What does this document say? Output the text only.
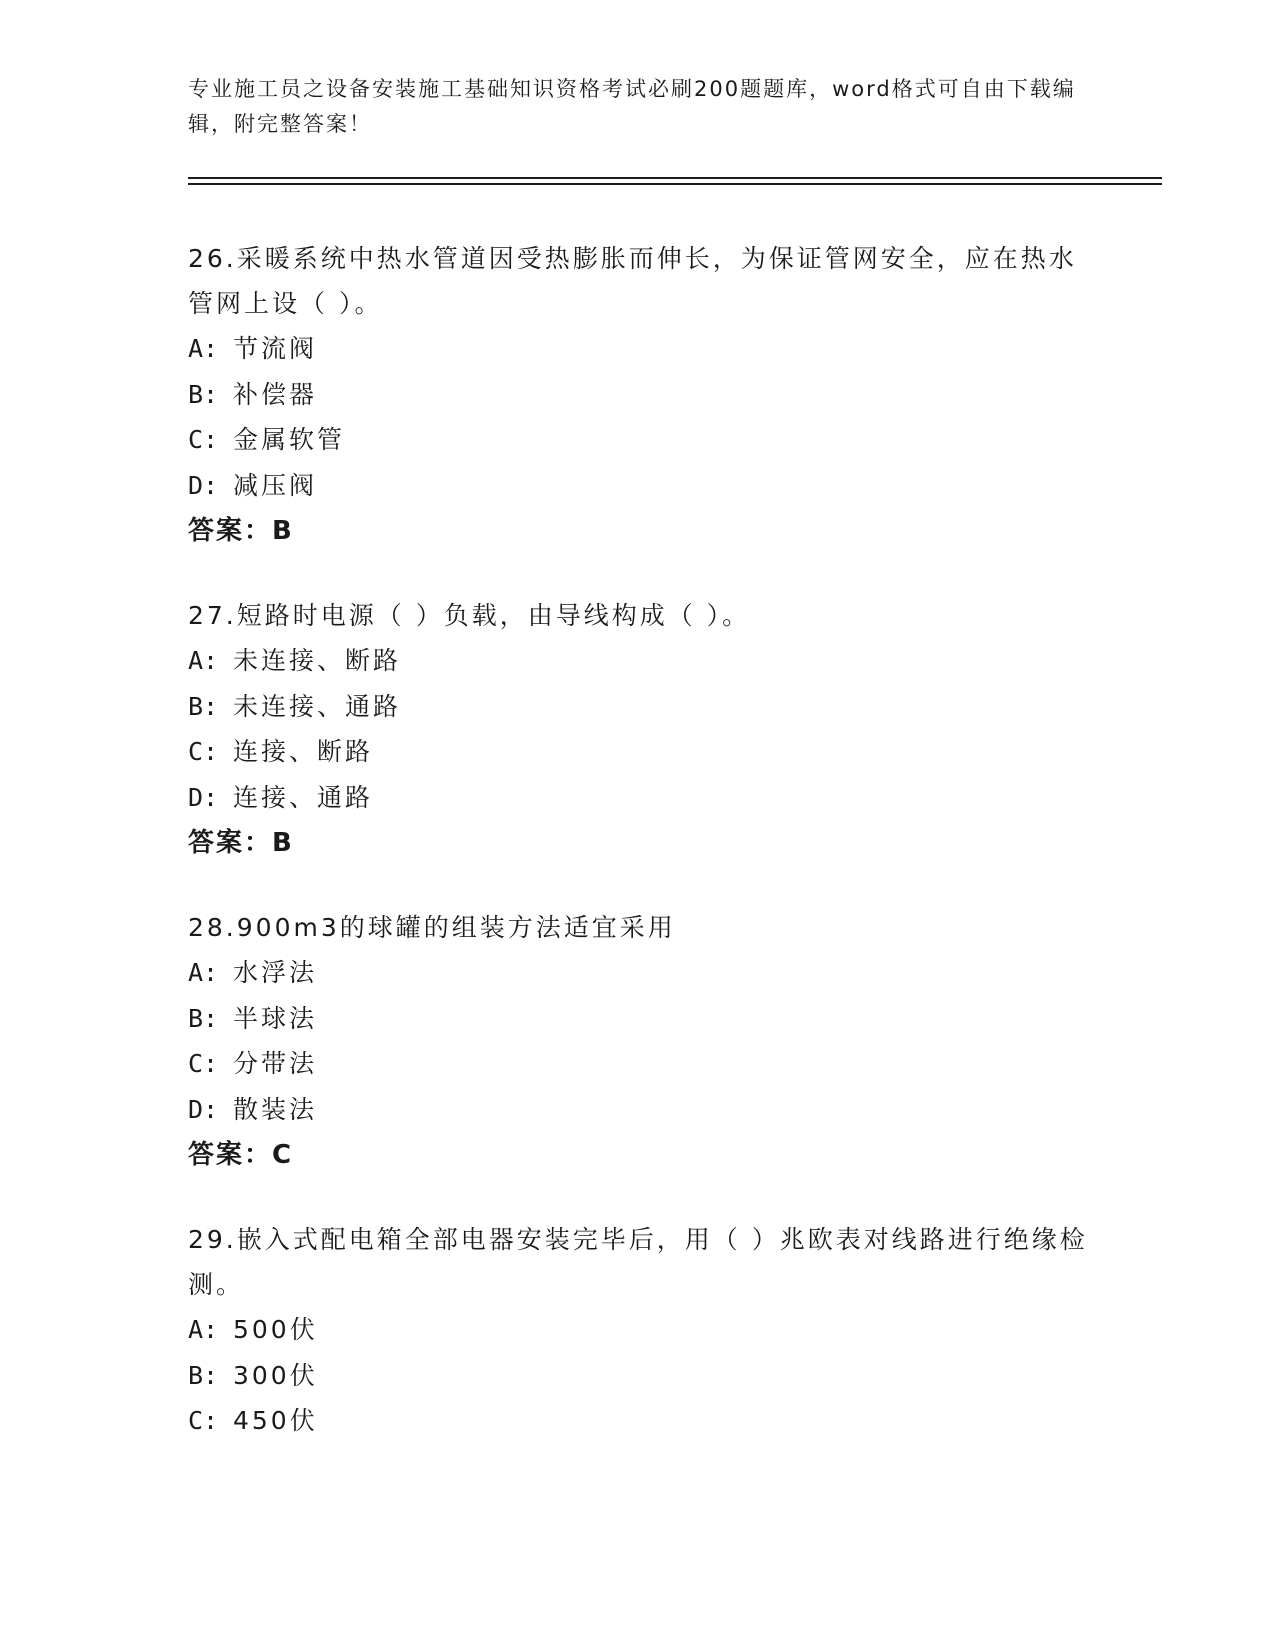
专业施工员之设备安装施工基础知识资格考试必刷200题题库，word格式可自由下载编辑，附完整答案！
26.采暖系统中热水管道因受热膨胀而伸长，为保证管网安全，应在热水管网上设（ ）。
A: 节流阀
B: 补偿器
C: 金属软管
D: 减压阀
答案：B
27.短路时电源（ ）负载，由导线构成（ ）。
A: 未连接、断路
B: 未连接、通路
C: 连接、断路
D: 连接、通路
答案：B
28.900m3的球罐的组装方法适宜采用
A: 水浮法
B: 半球法
C: 分带法
D: 散装法
答案：C
29.嵌入式配电箱全部电器安装完毕后，用（ ）兆欧表对线路进行绝缘检测。
A: 500伏
B: 300伏
C: 450伏
